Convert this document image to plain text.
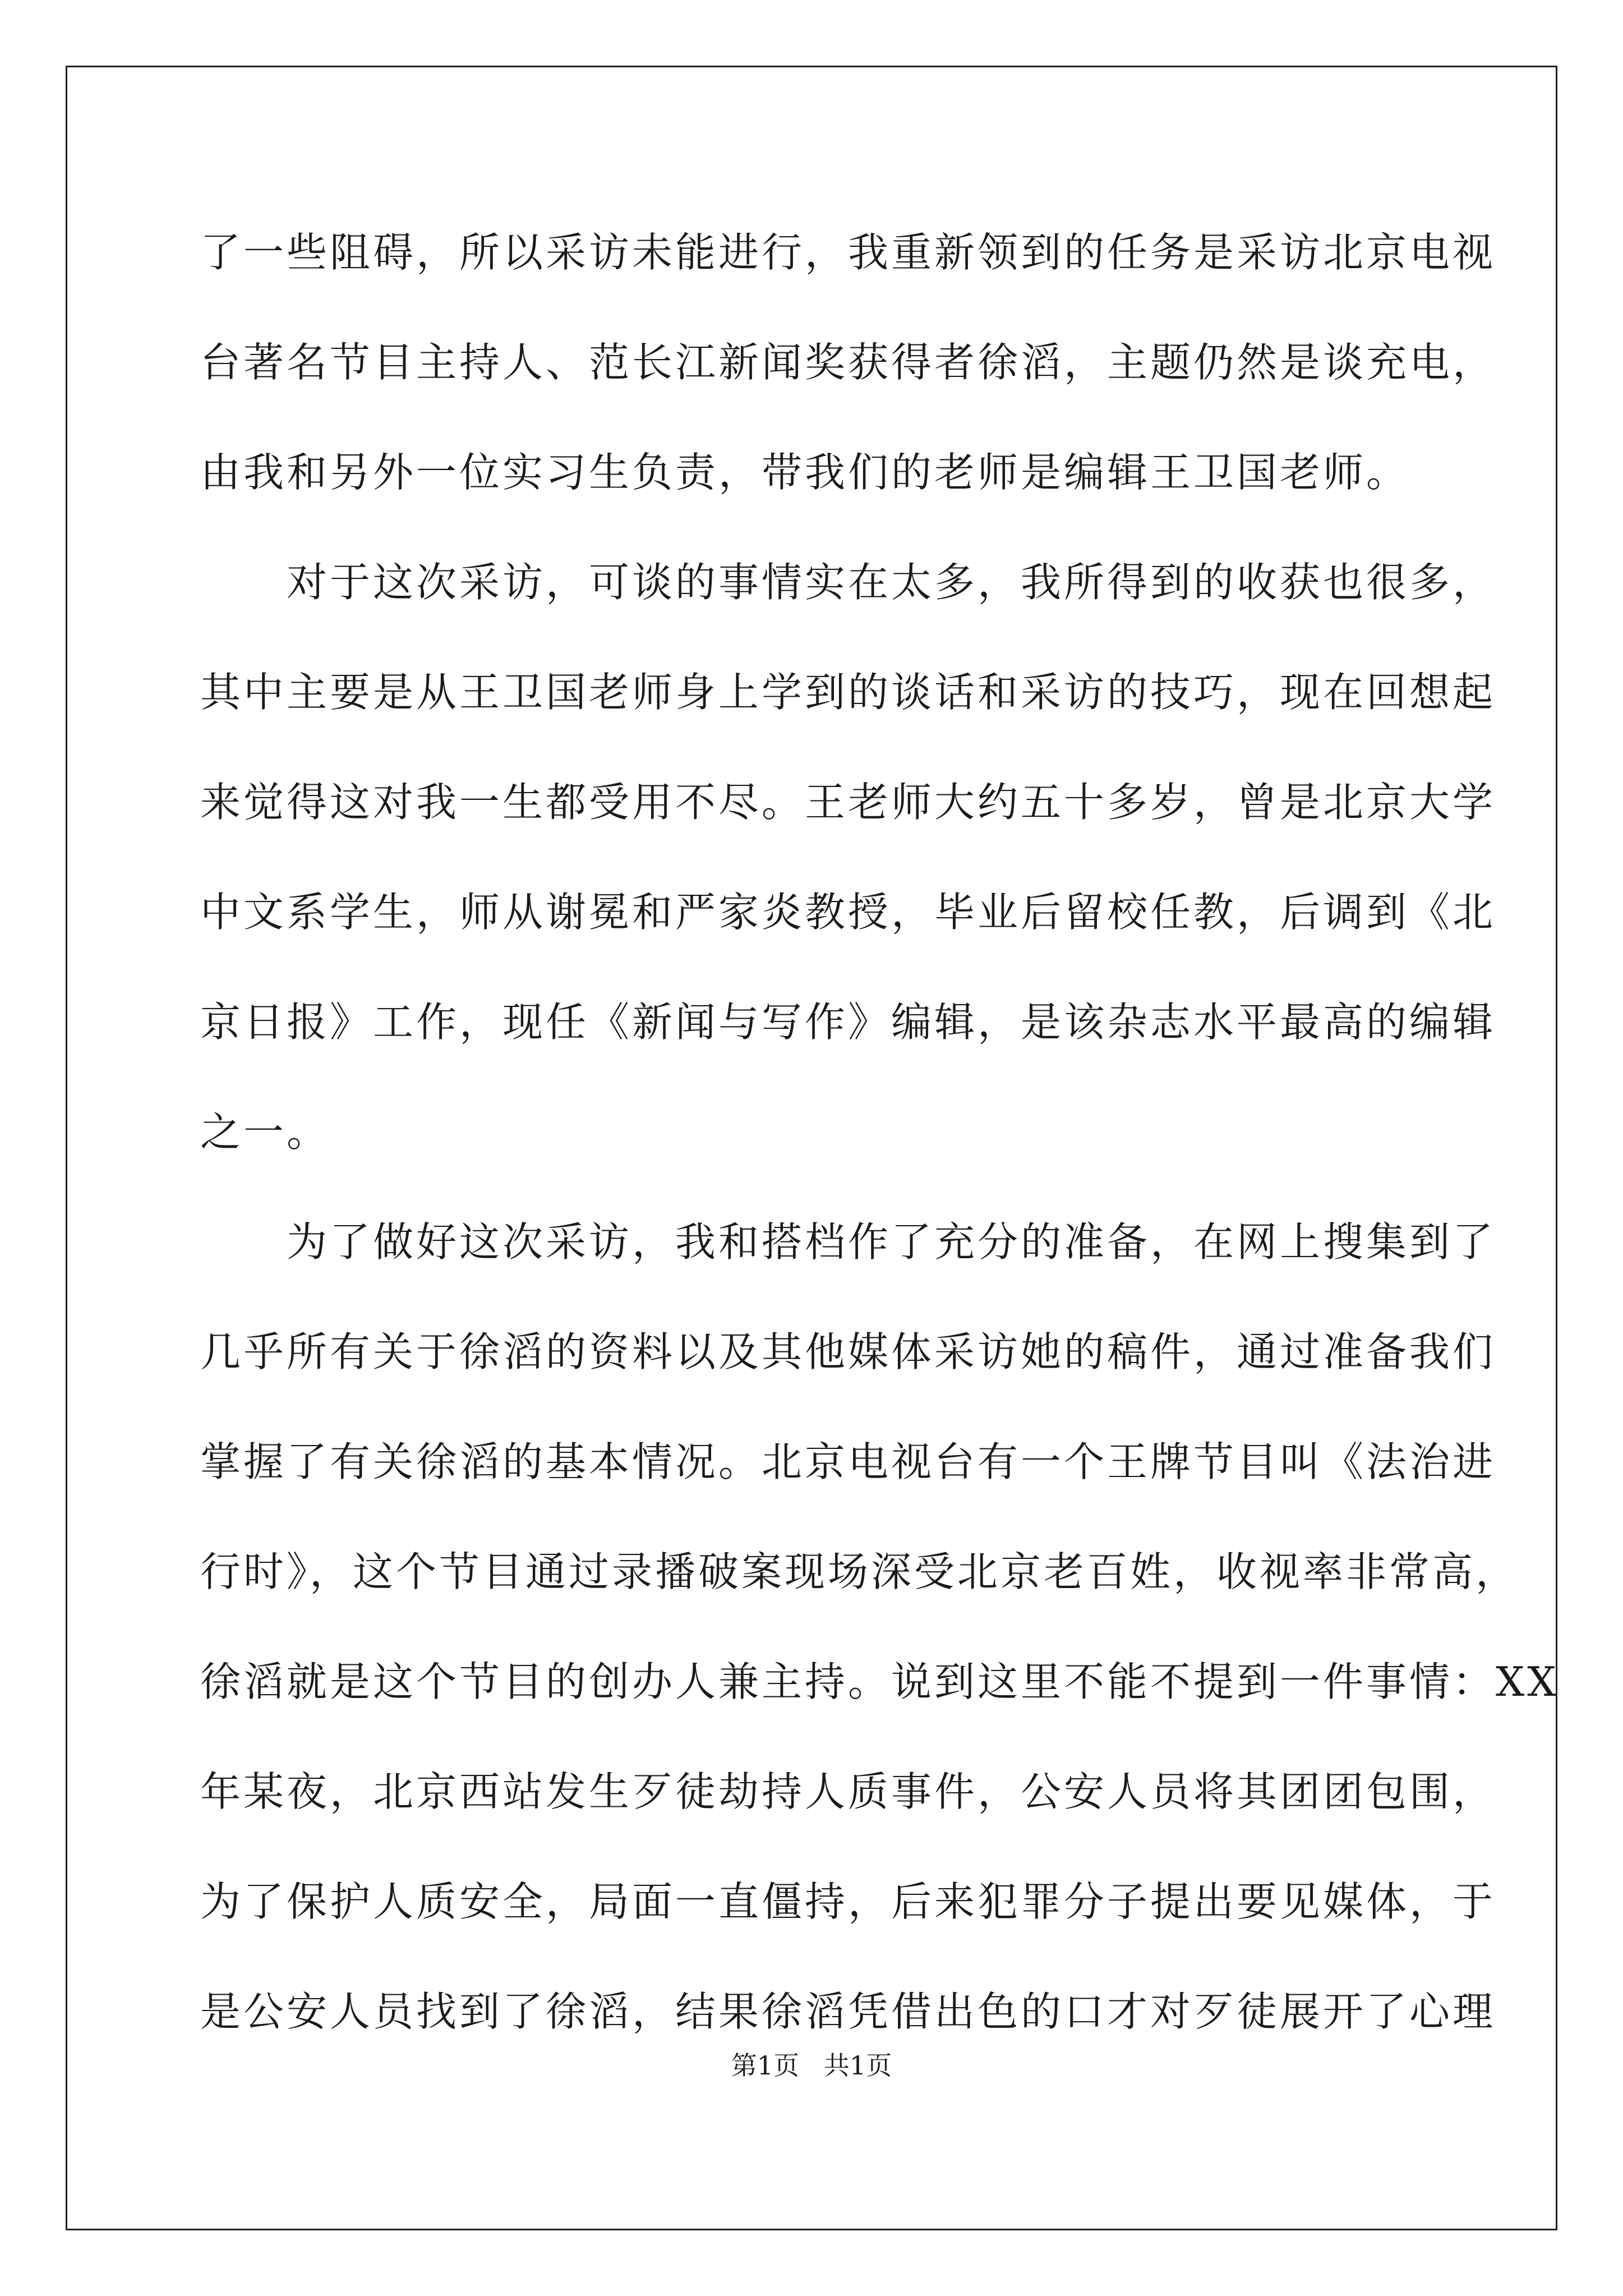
了一些阻碍，所以采访未能进行，我重新领到的任务是采访北京电视
台著名节目主持人、范长江新闻奖获得者徐滔，主题仍然是谈充电，
由我和另外一位实习生负责，带我们的老师是编辑王卫国老师。
　　对于这次采访，可谈的事情实在太多，我所得到的收获也很多，
其中主要是从王卫国老师身上学到的谈话和采访的技巧，现在回想起
来觉得这对我一生都受用不尽。王老师大约五十多岁，曾是北京大学
中文系学生，师从谢冕和严家炎教授，毕业后留校任教，后调到《北
京日报》工作，现任《新闻与写作》编辑，是该杂志水平最高的编辑
之一。
　　为了做好这次采访，我和搭档作了充分的准备，在网上搜集到了
几乎所有关于徐滔的资料以及其他媒体采访她的稿件，通过准备我们
掌握了有关徐滔的基本情况。北京电视台有一个王牌节目叫《法治进
行时》，这个节目通过录播破案现场深受北京老百姓，收视率非常高，
徐滔就是这个节目的创办人兼主持。说到这里不能不提到一件事情：XX
年某夜，北京西站发生歹徒劫持人质事件，公安人员将其团团包围，
为了保护人质安全，局面一直僵持，后来犯罪分子提出要见媒体，于
是公安人员找到了徐滔，结果徐滔凭借出色的口才对歹徒展开了心理
第1页   共1页
